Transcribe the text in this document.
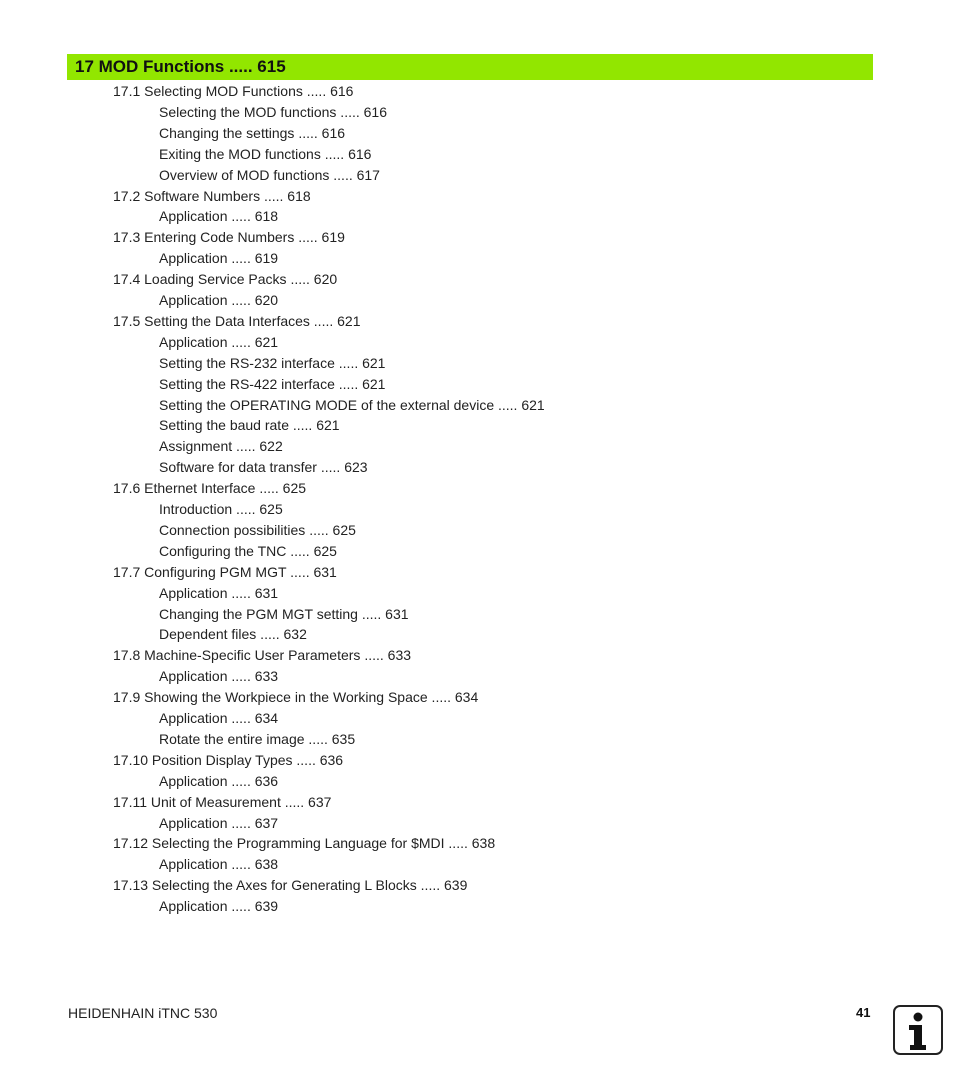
17 MOD Functions ..... 615
17.1 Selecting MOD Functions ..... 616
Selecting the MOD functions ..... 616
Changing the settings ..... 616
Exiting the MOD functions ..... 616
Overview of MOD functions ..... 617
17.2 Software Numbers ..... 618
Application ..... 618
17.3 Entering Code Numbers ..... 619
Application ..... 619
17.4 Loading Service Packs ..... 620
Application ..... 620
17.5 Setting the Data Interfaces ..... 621
Application ..... 621
Setting the RS-232 interface ..... 621
Setting the RS-422 interface ..... 621
Setting the OPERATING MODE of the external device ..... 621
Setting the baud rate ..... 621
Assignment ..... 622
Software for data transfer ..... 623
17.6 Ethernet Interface ..... 625
Introduction ..... 625
Connection possibilities ..... 625
Configuring the TNC ..... 625
17.7 Configuring PGM MGT ..... 631
Application ..... 631
Changing the PGM MGT setting ..... 631
Dependent files ..... 632
17.8 Machine-Specific User Parameters ..... 633
Application ..... 633
17.9 Showing the Workpiece in the Working Space ..... 634
Application ..... 634
Rotate the entire image ..... 635
17.10 Position Display Types ..... 636
Application ..... 636
17.11 Unit of Measurement ..... 637
Application ..... 637
17.12 Selecting the Programming Language for $MDI ..... 638
Application ..... 638
17.13 Selecting the Axes for Generating L Blocks ..... 639
Application ..... 639
HEIDENHAIN iTNC 530	41
